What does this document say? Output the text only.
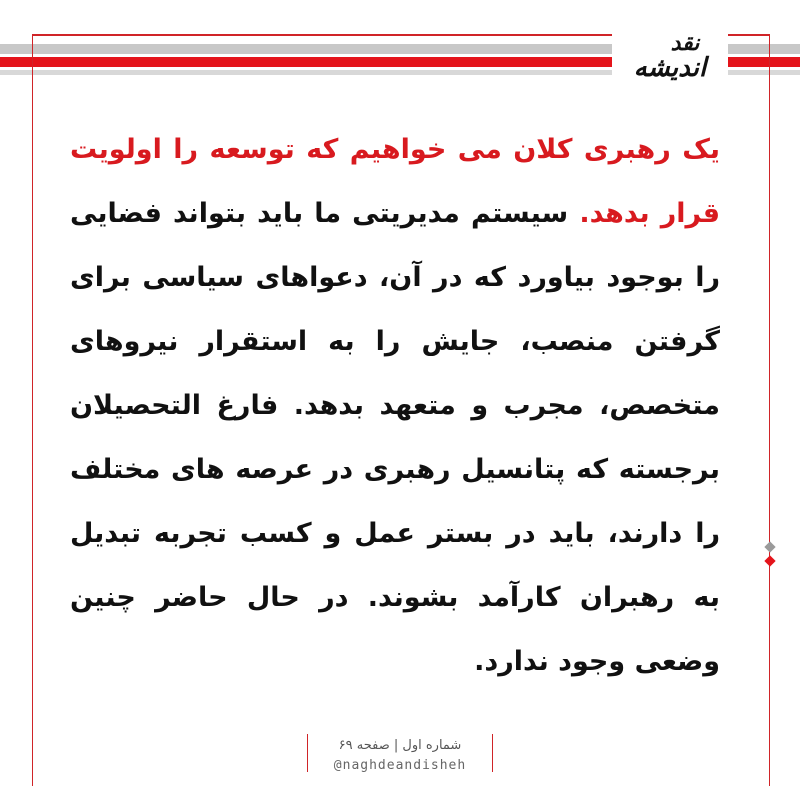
نقد
اندیشه
یک رهبری کلان می خواهیم که توسعه را اولویت قرار بدهد. سیستم مدیریتی ما باید بتواند فضایی را بوجود بیاورد که در آن، دعواهای سیاسی برای گرفتن منصب، جایش را به استقرار نیروهای متخصص، مجرب و متعهد بدهد. فارغ التحصیلان برجسته که پتانسیل رهبری در عرصه های مختلف را دارند، باید در بستر عمل و کسب تجربه تبدیل به رهبران کارآمد بشوند. در حال حاضر چنین وضعی وجود ندارد.
شماره اول | صفحه ۶۹
@naghdeandisheh
